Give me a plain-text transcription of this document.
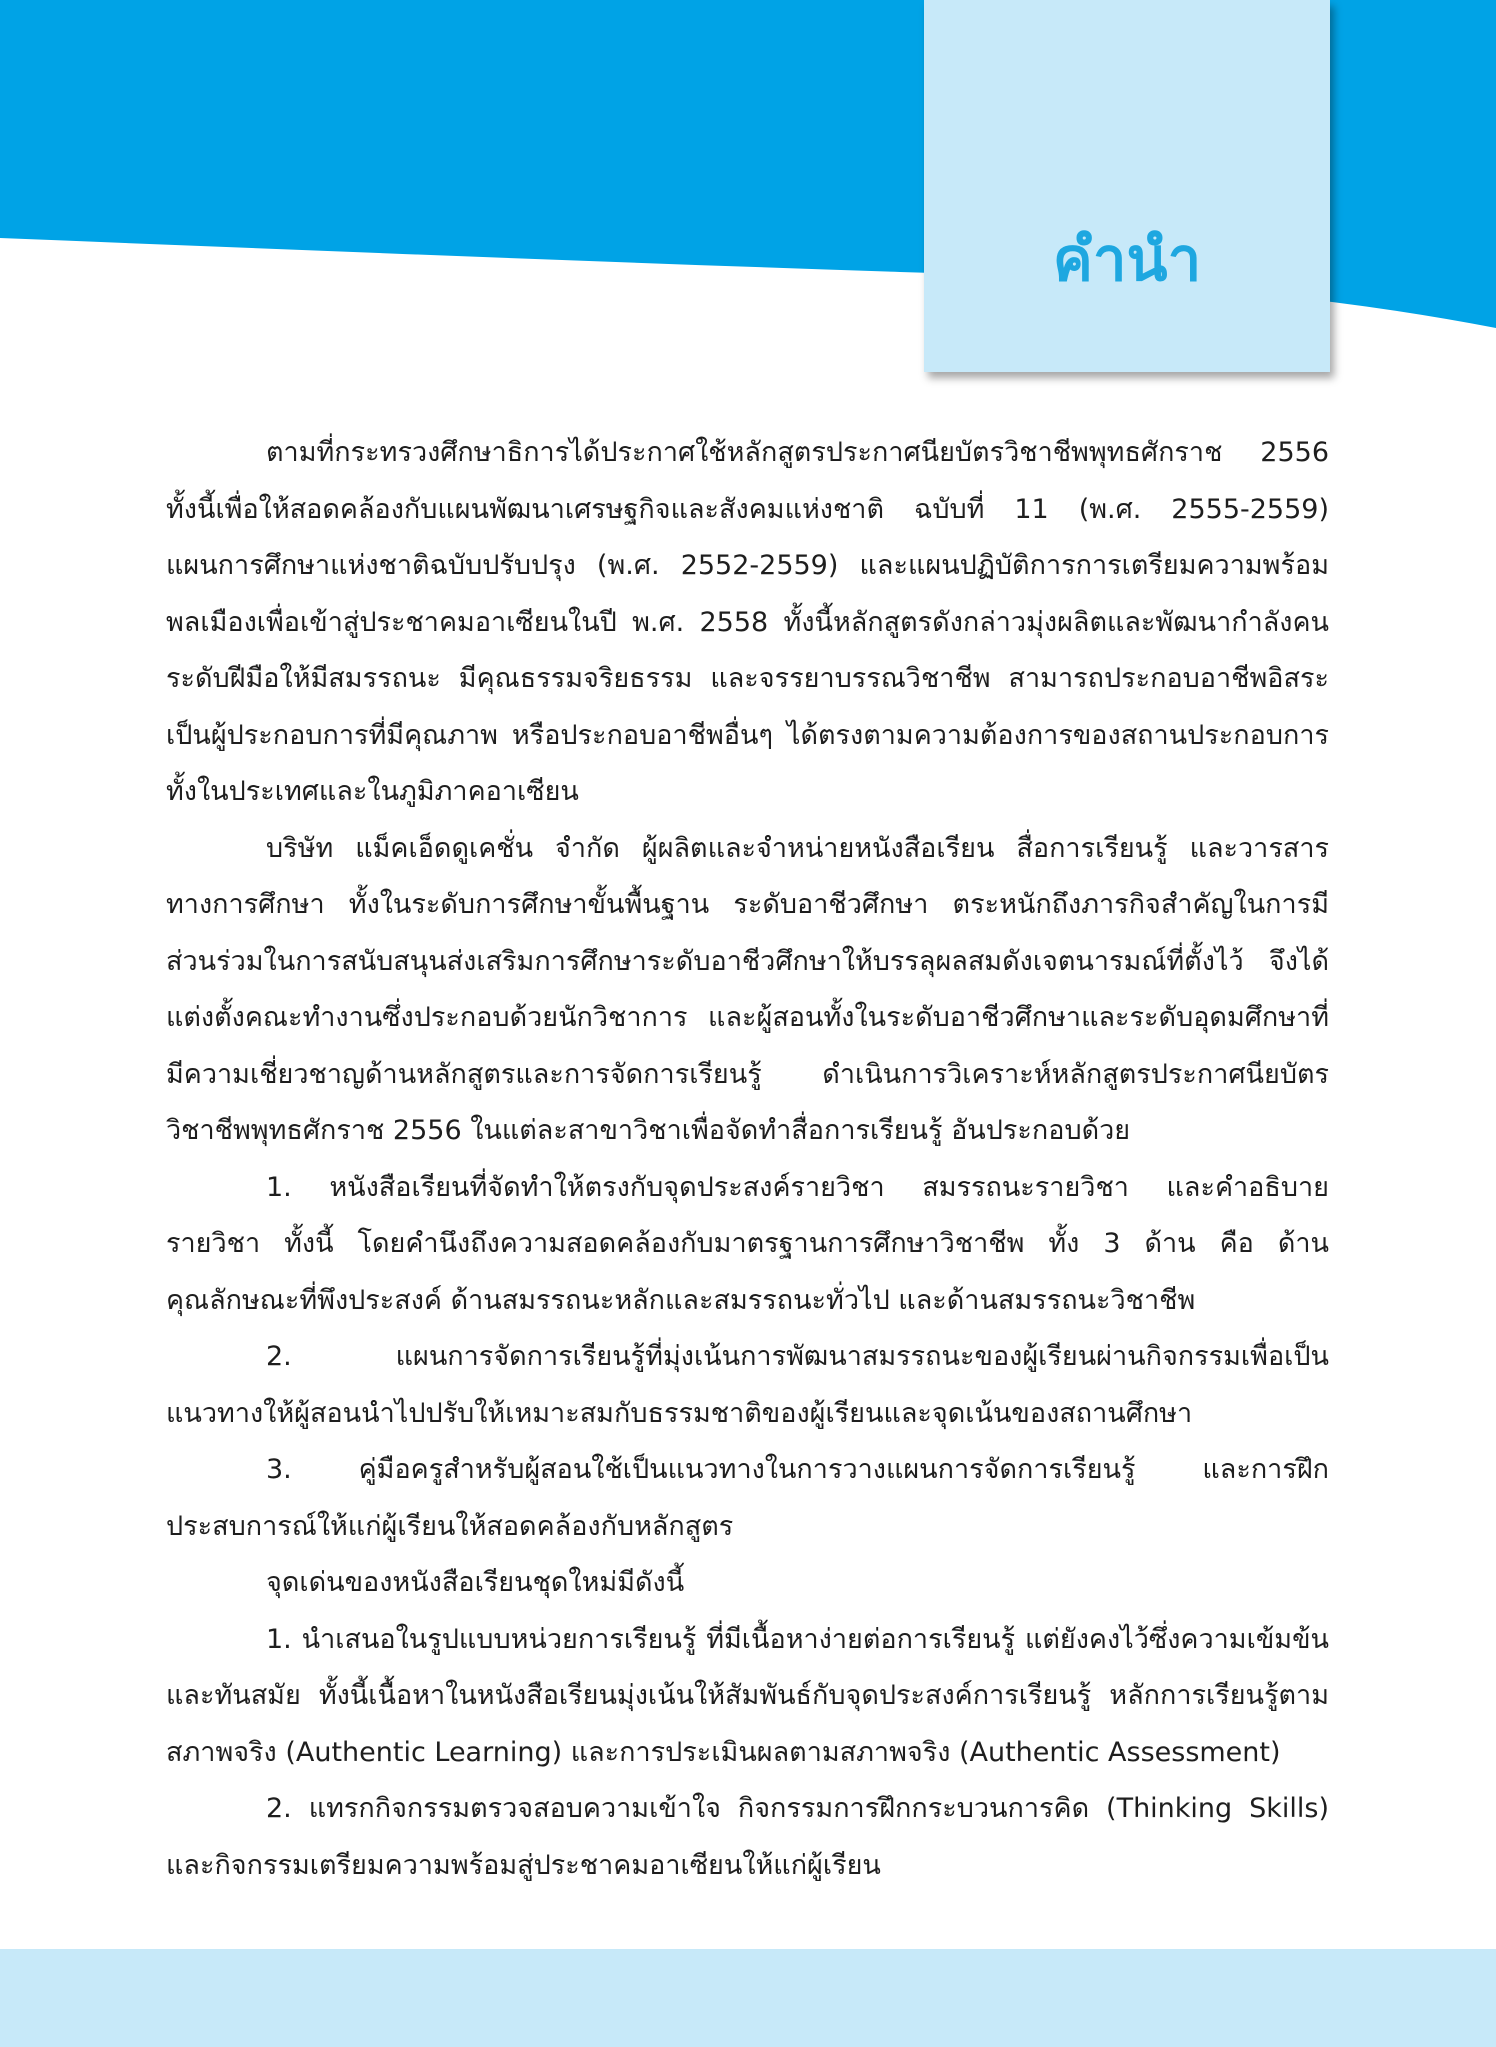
คำนำ

ตามที่กระทรวงศึกษาธิการได้ประกาศใช้หลักสูตรประกาศนียบัตรวิชาชีพพุทธศักราช 2556 ทั้งนี้เพื่อให้สอดคล้องกับแผนพัฒนาเศรษฐกิจและสังคมแห่งชาติ ฉบับที่ 11 (พ.ศ. 2555-2559) แผนการศึกษาแห่งชาติฉบับปรับปรุง (พ.ศ. 2552-2559) และแผนปฏิบัติการการเตรียมความพร้อมพลเมืองเพื่อเข้าสู่ประชาคมอาเซียนในปี พ.ศ. 2558 ทั้งนี้หลักสูตรดังกล่าวมุ่งผลิตและพัฒนากำลังคนระดับฝีมือให้มีสมรรถนะ มีคุณธรรมจริยธรรม และจรรยาบรรณวิชาชีพ สามารถประกอบอาชีพอิสระเป็นผู้ประกอบการที่มีคุณภาพ หรือประกอบอาชีพอื่นๆ ได้ตรงตามความต้องการของสถานประกอบการทั้งในประเทศและในภูมิภาคอาเซียน

บริษัท แม็คเอ็ดดูเคชั่น จำกัด ผู้ผลิตและจำหน่ายหนังสือเรียน สื่อการเรียนรู้ และวารสารทางการศึกษา ทั้งในระดับการศึกษาขั้นพื้นฐาน ระดับอาชีวศึกษา ตระหนักถึงภารกิจสำคัญในการมีส่วนร่วมในการสนับสนุนส่งเสริมการศึกษาระดับอาชีวศึกษาให้บรรลุผลสมดังเจตนารมณ์ที่ตั้งไว้ จึงได้แต่งตั้งคณะทำงานซึ่งประกอบด้วยนักวิชาการ และผู้สอนทั้งในระดับอาชีวศึกษาและระดับอุดมศึกษาที่มีความเชี่ยวชาญด้านหลักสูตรและการจัดการเรียนรู้ ดำเนินการวิเคราะห์หลักสูตรประกาศนียบัตรวิชาชีพพุทธศักราช 2556 ในแต่ละสาขาวิชาเพื่อจัดทำสื่อการเรียนรู้ อันประกอบด้วย

1. หนังสือเรียนที่จัดทำให้ตรงกับจุดประสงค์รายวิชา สมรรถนะรายวิชา และคำอธิบายรายวิชา ทั้งนี้ โดยคำนึงถึงความสอดคล้องกับมาตรฐานการศึกษาวิชาชีพ ทั้ง 3 ด้าน คือ ด้านคุณลักษณะที่พึงประสงค์ ด้านสมรรถนะหลักและสมรรถนะทั่วไป และด้านสมรรถนะวิชาชีพ

2. แผนการจัดการเรียนรู้ที่มุ่งเน้นการพัฒนาสมรรถนะของผู้เรียนผ่านกิจกรรมเพื่อเป็นแนวทางให้ผู้สอนนำไปปรับให้เหมาะสมกับธรรมชาติของผู้เรียนและจุดเน้นของสถานศึกษา

3. คู่มือครูสำหรับผู้สอนใช้เป็นแนวทางในการวางแผนการจัดการเรียนรู้ และการฝึกประสบการณ์ให้แก่ผู้เรียนให้สอดคล้องกับหลักสูตร

จุดเด่นของหนังสือเรียนชุดใหม่มีดังนี้

1. นำเสนอในรูปแบบหน่วยการเรียนรู้ ที่มีเนื้อหาง่ายต่อการเรียนรู้ แต่ยังคงไว้ซึ่งความเข้มข้นและทันสมัย ทั้งนี้เนื้อหาในหนังสือเรียนมุ่งเน้นให้สัมพันธ์กับจุดประสงค์การเรียนรู้ หลักการเรียนรู้ตามสภาพจริง (Authentic Learning) และการประเมินผลตามสภาพจริง (Authentic Assessment)

2. แทรกกิจกรรมตรวจสอบความเข้าใจ กิจกรรมการฝึกกระบวนการคิด (Thinking Skills) และกิจกรรมเตรียมความพร้อมสู่ประชาคมอาเซียนให้แก่ผู้เรียน
